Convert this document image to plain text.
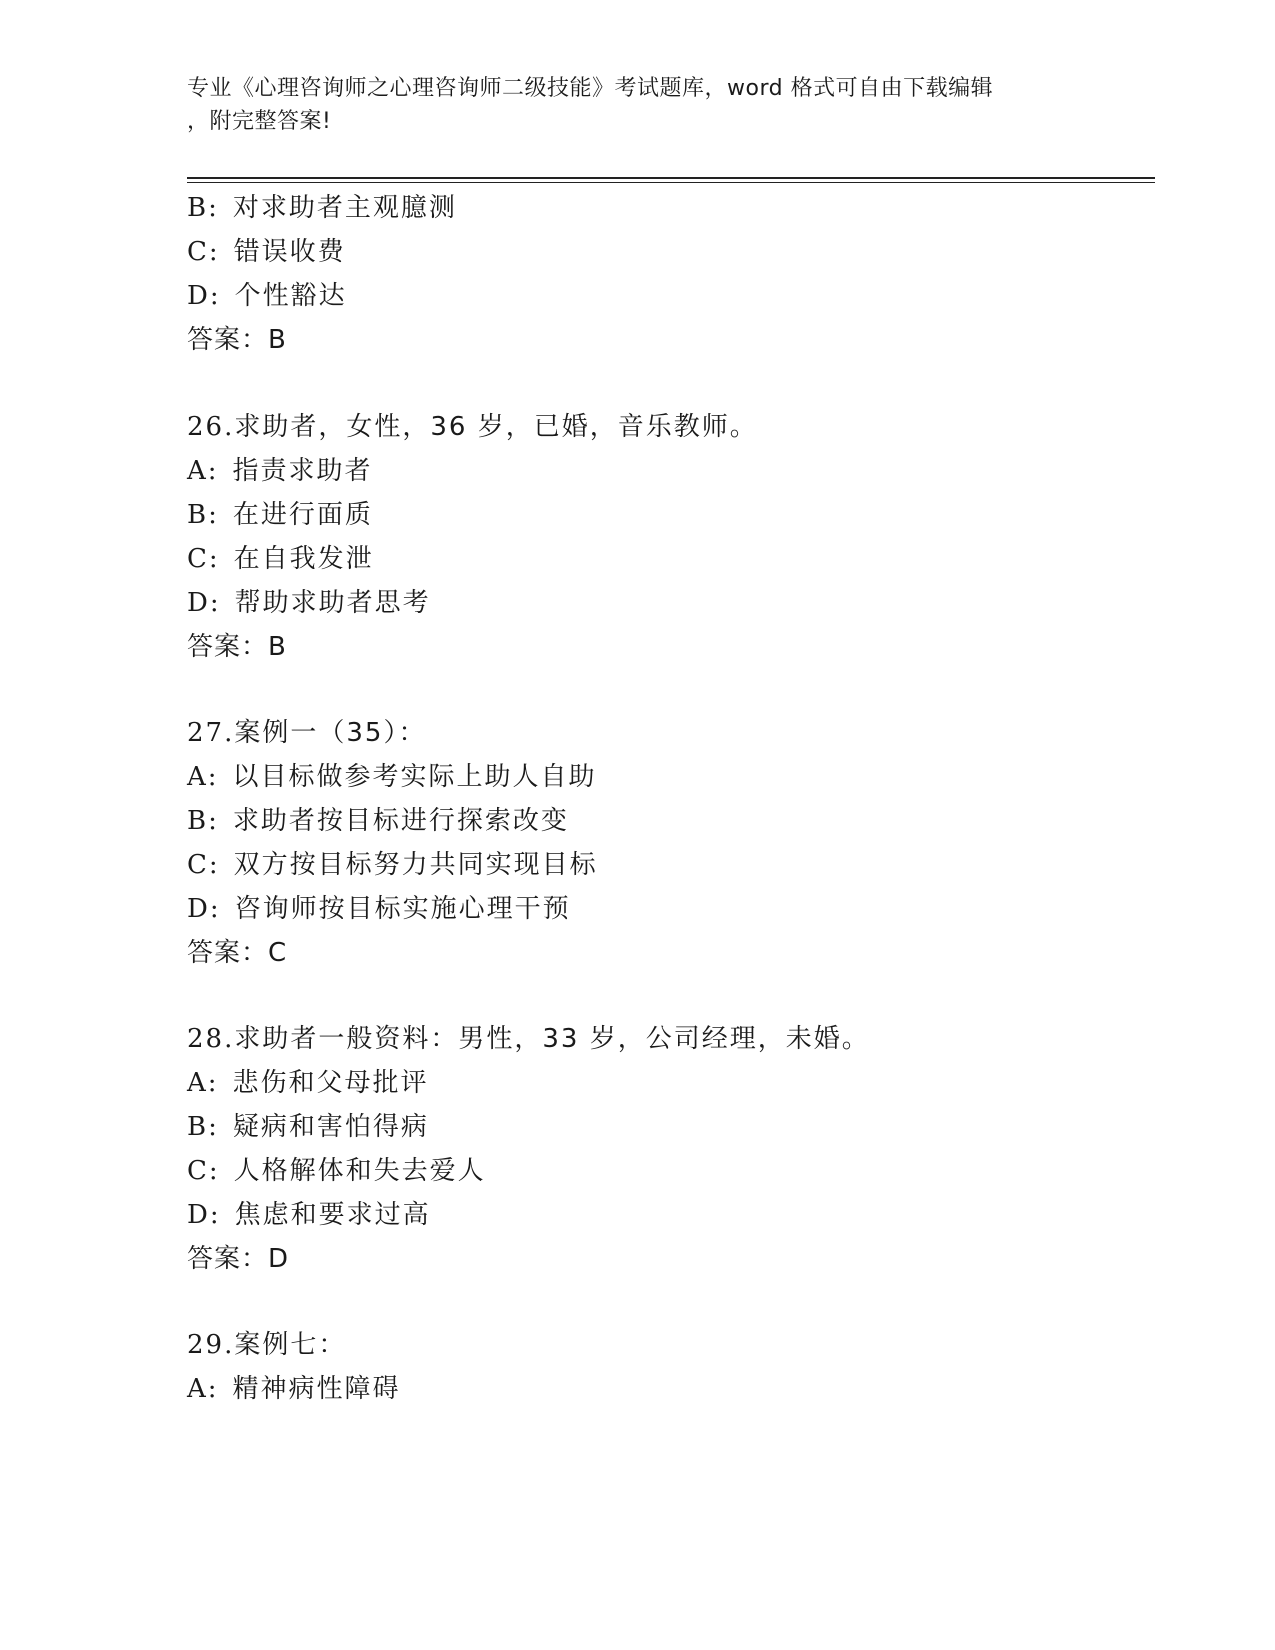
专业《心理咨询师之心理咨询师二级技能》考试题库，word 格式可自由下载编辑
，附完整答案!
B: 对求助者主观臆测
C: 错误收费
D: 个性豁达
答案：B
26.求助者，女性，36 岁，已婚，音乐教师。
A: 指责求助者
B: 在进行面质
C: 在自我发泄
D: 帮助求助者思考
答案：B
27.案例一（35）：
A: 以目标做参考实际上助人自助
B: 求助者按目标进行探索改变
C: 双方按目标努力共同实现目标
D: 咨询师按目标实施心理干预
答案：C
28.求助者一般资料：男性，33 岁，公司经理，未婚。
A: 悲伤和父母批评
B: 疑病和害怕得病
C: 人格解体和失去爱人
D: 焦虑和要求过高
答案：D
29.案例七：
A: 精神病性障碍
